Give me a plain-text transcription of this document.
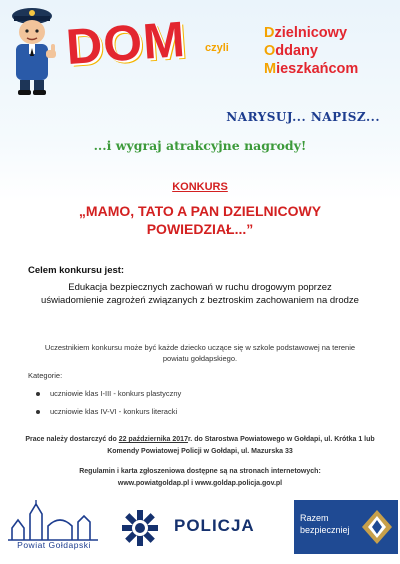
DOM czyli
Dzielnicowy
Oddany
Mieszkańcom
NARYSUJ... NAPISZ...
...i wygraj atrakcyjne nagrody!
KONKURS
„MAMO, TATO A PAN DZIELNICOWY POWIEDZIAŁ...”
Celem konkursu jest:
Edukacja bezpiecznych zachowań w ruchu drogowym poprzez uświadomienie zagrożeń związanych z beztroskim zachowaniem na drodze
Uczestnikiem konkursu może być każde dziecko uczące się w szkole podstawowej na terenie powiatu gołdapskiego.
Kategorie:
uczniowie klas I-III - konkurs plastyczny
uczniowie klas IV-VI - konkurs literacki
Prace należy dostarczyć do 22 października 2017r. do Starostwa Powiatowego w Gołdapi, ul. Krótka 1 lub Komendy Powiatowej Policji w Gołdapi, ul. Mazurska 33
Regulamin i karta zgłoszeniowa dostępne są na stronach internetowych:
www.powiatgoldap.pl i www.goldap.policja.gov.pl
Powiat Gołdapski
POLICJA	Razem
bezpieczniej
